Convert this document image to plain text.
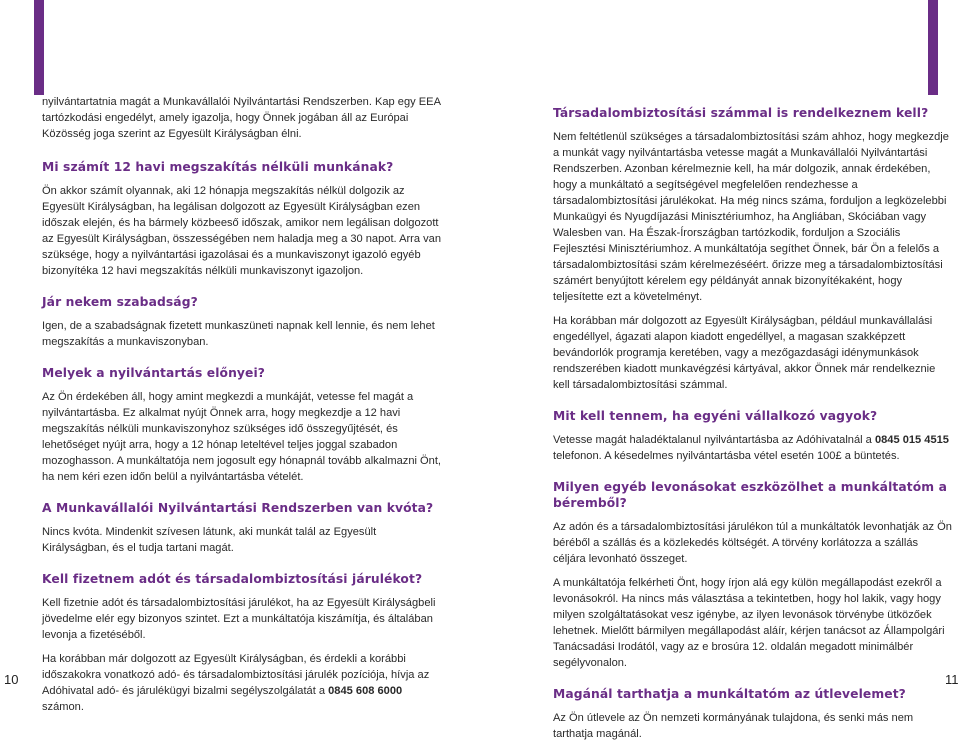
nyilvántartatnia magát a Munkavállalói Nyilvántartási Rendszerben. Kap egy EEA tartózkodási engedélyt, amely igazolja, hogy Önnek jogában áll az Európai Közösség joga szerint az Egyesült Királyságban élni.

Mi számít 12 havi megszakítás nélküli munkának?

Ön akkor számít olyannak, aki 12 hónapja megszakítás nélkül dolgozik az Egyesült Királyságban, ha legálisan dolgozott az Egyesült Királyságban ezen időszak elején, és ha bármely közbeeső időszak, amikor nem legálisan dolgozott az Egyesült Királyságban, összességében nem haladja meg a 30 napot. Arra van szüksége, hogy a nyilvántartási igazolásai és a munkaviszonyt igazoló egyéb bizonyítéka 12 havi megszakítás nélküli munkaviszonyt igazoljon.

Jár nekem szabadság?

Igen, de a szabadságnak fizetett munkaszüneti napnak kell lennie, és nem lehet megszakítás a munkaviszonyban.

Melyek a nyilvántartás előnyei?

Az Ön érdekében áll, hogy amint megkezdi a munkáját, vetesse fel magát a nyilvántartásba. Ez alkalmat nyújt Önnek arra, hogy megkezdje a 12 havi megszakítás nélküli munkaviszonyhoz szükséges idő összegyűjtését, és lehetőséget nyújt arra, hogy a 12 hónap leteltével teljes joggal szabadon mozoghasson. A munkáltatója nem jogosult egy hónapnál tovább alkalmazni Önt, ha nem kéri ezen időn belül a nyilvántartásba vételét.

A Munkavállalói Nyilvántartási Rendszerben van kvóta?

Nincs kvóta. Mindenkit szívesen látunk, aki munkát talál az Egyesült Királyságban, és el tudja tartani magát.

Kell fizetnem adót és társadalombiztosítási járulékot?

Kell fizetnie adót és társadalombiztosítási járulékot, ha az Egyesült Királyságbeli jövedelme elér egy bizonyos szintet. Ezt a munkáltatója kiszámítja, és általában levonja a fizetéséből.

Ha korábban már dolgozott az Egyesült Királyságban, és érdekli a korábbi időszakokra vonatkozó adó- és társadalombiztosítási járulék pozíciója, hívja az Adóhivatal adó- és járulékügyi bizalmi segélyszolgálatát a 0845 608 6000 számon.

Társadalombiztosítási számmal is rendelkeznem kell?

Nem feltétlenül szükséges a társadalombiztosítási szám ahhoz, hogy megkezdje a munkát vagy nyilvántartásba vetesse magát a Munkavállalói Nyilvántartási Rendszerben. Azonban kérelmeznie kell, ha már dolgozik, annak érdekében, hogy a munkáltató a segítségével megfelelően rendezhesse a társadalombiztosítási járulékokat. Ha még nincs száma, forduljon a legközelebbi Munkaügyi és Nyugdíjazási Minisztériumhoz, ha Angliában, Skóciában vagy Walesben van. Ha Észak-Írországban tartózkodik, forduljon a Szociális Fejlesztési Minisztériumhoz. A munkáltatója segíthet Önnek, bár Ön a felelős a társadalombiztosítási szám kérelmezéséért. őrizze meg a társadalombiztosítási számért benyújtott kérelem egy példányát annak bizonyítékaként, hogy teljesítette ezt a követelményt.

Ha korábban már dolgozott az Egyesült Királyságban, például munkavállalási engedéllyel, ágazati alapon kiadott engedéllyel, a magasan szakképzett bevándorlók programja keretében, vagy a mezőgazdasági idénymunkások rendszerében kiadott munkavégzési kártyával, akkor Önnek már rendelkeznie kell társadalombiztosítási számmal.

Mit kell tennem, ha egyéni vállalkozó vagyok?

Vetesse magát haladéktalanul nyilvántartásba az Adóhivatalnál a 0845 015 4515 telefonon. A késedelmes nyilvántartásba vétel esetén 100£ a büntetés.

Milyen egyéb levonásokat eszközölhet a munkáltatóm a béremből?

Az adón és a társadalombiztosítási járulékon túl a munkáltatók levonhatják az Ön béréből a szállás és a közlekedés költségét. A törvény korlátozza a szállás céljára levonható összeget.

A munkáltatója felkérheti Önt, hogy írjon alá egy külön megállapodást ezekről a levonásokról. Ha nincs más választása a tekintetben, hogy hol lakik, vagy hogy milyen szolgáltatásokat vesz igénybe, az ilyen levonások törvénybe ütközőek lehetnek. Mielőtt bármilyen megállapodást aláír, kérjen tanácsot az Állampolgári Tanácsadási Irodától, vagy az e brosúra 12. oldalán megadott minimálbér segélyvonalon.

Magánál tarthatja a munkáltatóm az útlevelemet?

Az Ön útlevele az Ön nemzeti kormányának tulajdona, és senki más nem tarthatja magánál.

10	11
